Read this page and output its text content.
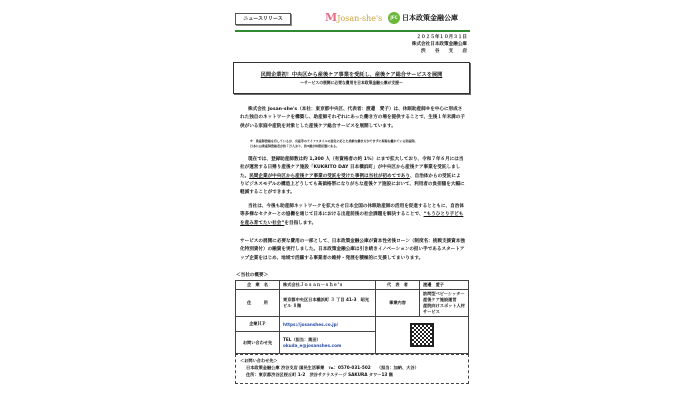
ニュースリリース	MJosan-she's	JFC 日本政策金融公庫
２０２５年１０月３１日
株式会社日本政策金融公庫
渋　　谷　　支　　店
民間企業初！中央区から産後ケア事業を受託し、産後ケア総合サービスを展開
～サービスの展開に必要な費用を日本政策金融公庫が支援～
株式会社 Josan-she's（本社：東京都中央区、代表者：渡邊　愛子）は、休眠助産師※を中心に形成された独自のネットワークを構築し、助産師それぞれにあった働き方の場を提供することで、生後１年未満の子供がいる家庭や産院を対象とした産後ケア総合サービスを展開しています。
※　助産師資格を有しているが、出産等のライフスタイルの変化に応じた柔軟な働き方ができずに現場を離れている助産師。
日本には助産師資格者が約７万人おり、約3割が休眠状態にある。
現在では、登録助産師数は約 1,300 人（有資格者の約 1%）にまで拡大しており、令和７年６月には当社が運営する日帰り産後ケア施設「KUKRITO DAY 日本橋浜町」が中央区から産後ケア事業を受託しました。民間企業が中央区から産後ケア事業の受託を受けた事例は当社が初めてであり、自治体からの受託によりビジネスモデルの構造上どうしても高価格帯になりがちな産後ケア施設において、利用者の負担額を大幅に軽減することができます。
当社は、今後も助産師ネットワークを拡大させ日本全国の休眠助産師の活用を促進するとともに、自治体等多様なセクターとの協働を通じて日本における出産前後の社会課題を解決することで、“もうひとり子どもを産み育てたい社会”を目指します。
サービスの展開に必要な費用の一部として、日本政策金融公庫が資本性劣後ローン（制度名：挑戦支援資本強化特別貸付）の融資を実行しました。日本政策金融公庫は引き続きイノベーションの担い手であるスタートアップ企業をはじめ、地域で活躍する事業者の維持・発展を積極的に支援してまいります。
＜当社の概要＞
企　業　名	株式会社Ｊｏｓａｎ－ｓｈｅ’ｓ	代　表　者	渡邊　愛子
住　　　所	東京都中央区日本橋浜町 ３ 丁目 41-3　昭光ビル ８階	事業内容	訪問型ベビーシッター
産後ケア施設運営
産院向けスポット人材サービス

企業ＨＰ	https://josanshes.co.jp/		

お問い合わせ先	TEL（担当：奥田）
okuda_e@josanshes.com		
＜お問い合わせ先＞
日本政策金融公庫 渋谷支店 国民生活事業　℡：0570-031-502　　（担当：加納、大谷）
住所：東京都渋谷区桜丘町 1-2　渋谷サクラステージ SAKURA タワー13 階
